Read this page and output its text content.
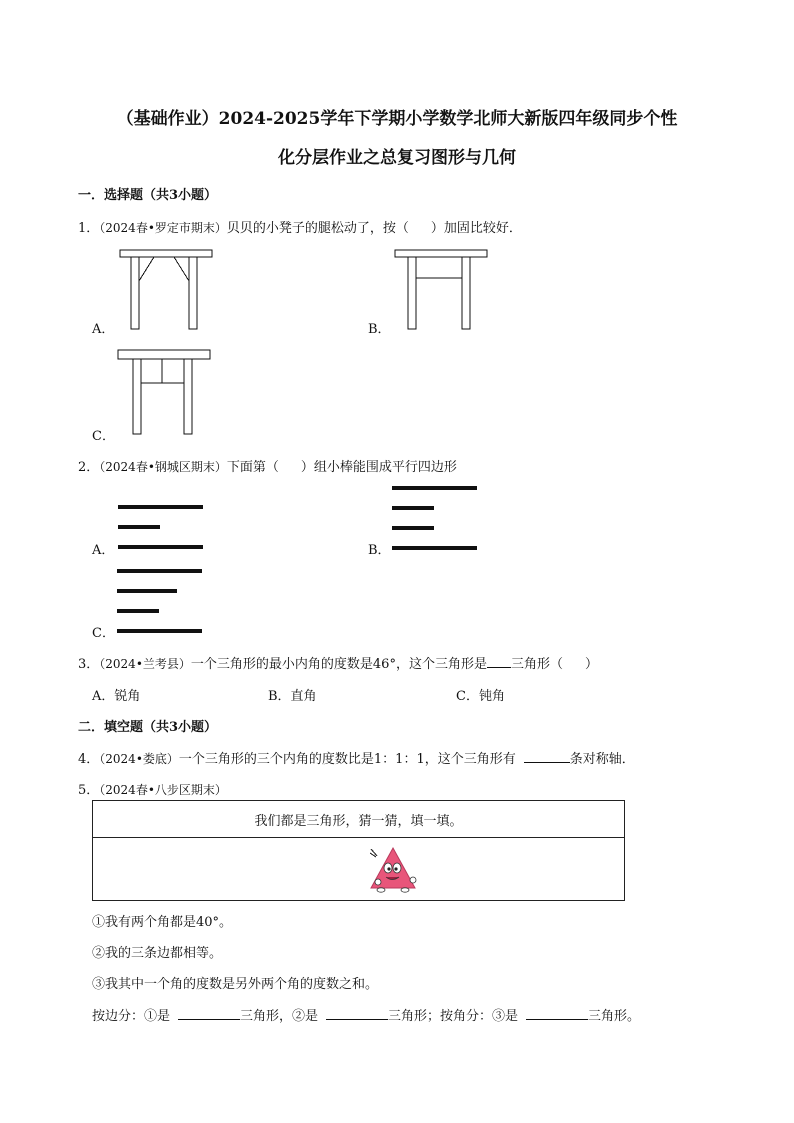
（基础作业）2024-2025学年下学期小学数学北师大新版四年级同步个性
化分层作业之总复习图形与几何
一．选择题（共3小题）
1．（2024春•罗定市期末）贝贝的小凳子的腿松动了，按（ ）加固比较好．
A．	B．
C．
2．（2024春•钢城区期末）下面第（ ）组小棒能围成平行四边形
A．	B．
C．
3．（2024•兰考县）一个三角形的最小内角的度数是46°，这个三角形是 三角形（ ）
A．锐角	B．直角	C．钝角
二．填空题（共3小题）
4．（2024•娄底）一个三角形的三个内角的度数比是1：1：1，这个三角形有	条对称轴．
5．（2024春•八步区期末）
我们都是三角形，猜一猜，填一填。
①我有两个角都是40°。
②我的三条边都相等。
③我其中一个角的度数是另外两个角的度数之和。
按边分：①是	三角形，②是	三角形；按角分：③是	三角形。
